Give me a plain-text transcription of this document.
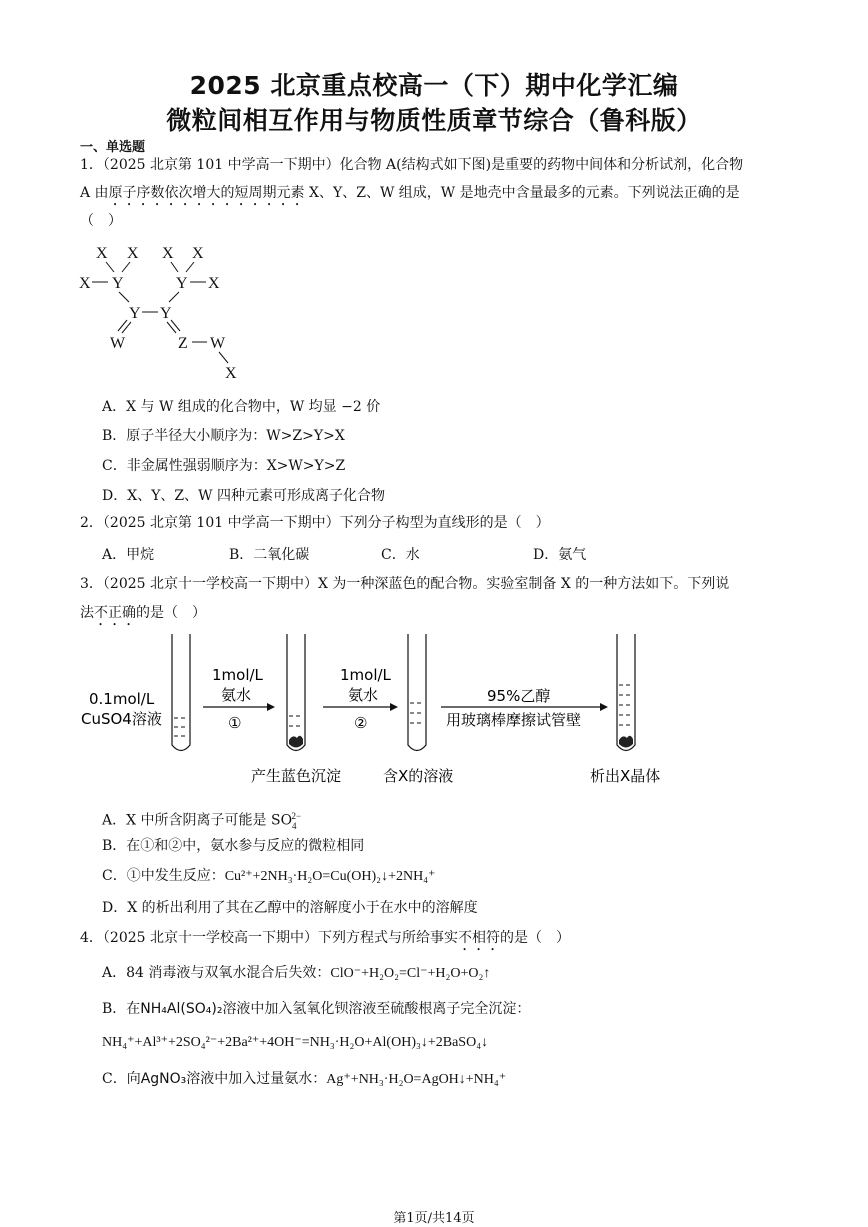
2025 北京重点校高一（下）期中化学汇编
微粒间相互作用与物质性质章节综合（鲁科版）
一、单选题
1．（2025 北京第 101 中学高一下期中）化合物 A(结构式如下图)是重要的药物中间体和分析试剂，化合物
A 由原子序数依次增大的短周期元素 X、Y、Z、W 组成，W 是地壳中含量最多的元素。下列说法正确的是
（　）
X X X X
X Y	Y X
Y Y
W	Z W
X
A．X 与 W 组成的化合物中，W 均显 −2 价
B．原子半径大小顺序为：W>Z>Y>X
C．非金属性强弱顺序为：X>W>Y>Z
D．X、Y、Z、W 四种元素可形成离子化合物
2．（2025 北京第 101 中学高一下期中）下列分子构型为直线形的是（　）
A．甲烷	B．二氧化碳	C．水	D．氨气
3．（2025 北京十一学校高一下期中）X 为一种深蓝色的配合物。实验室制备 X 的一种方法如下。下列说
法不正确的是（　）
0.1mol/L
CuSO4溶液
1mol/L
氨水
①
1mol/L
氨水
②
95%乙醇
用玻璃棒摩擦试管壁
产生蓝色沉淀	含X的溶液	析出X晶体
A．X 中所含阴离子可能是 $SO_4^{2-}$
B．在①和②中，氨水参与反应的微粒相同
C．①中发生反应：Cu²⁺+2NH₃·H₂O=Cu(OH)₂↓+2NH₄⁺
D．X 的析出利用了其在乙醇中的溶解度小于在水中的溶解度
4．（2025 北京十一学校高一下期中）下列方程式与所给事实不相符的是（　）
A．84 消毒液与双氧水混合后失效：ClO⁻+H₂O₂=Cl⁻+H₂O+O₂↑
B．在NH₄Al(SO₄)₂溶液中加入氢氧化钡溶液至硫酸根离子完全沉淀：
NH₄⁺+Al³⁺+2SO₄²⁻+2Ba²⁺+4OH⁻=NH₃·H₂O+Al(OH)₃↓+2BaSO₄↓
C．向AgNO₃溶液中加入过量氨水：Ag⁺+NH₃·H₂O=AgOH↓+NH₄⁺
第1页/共14页
